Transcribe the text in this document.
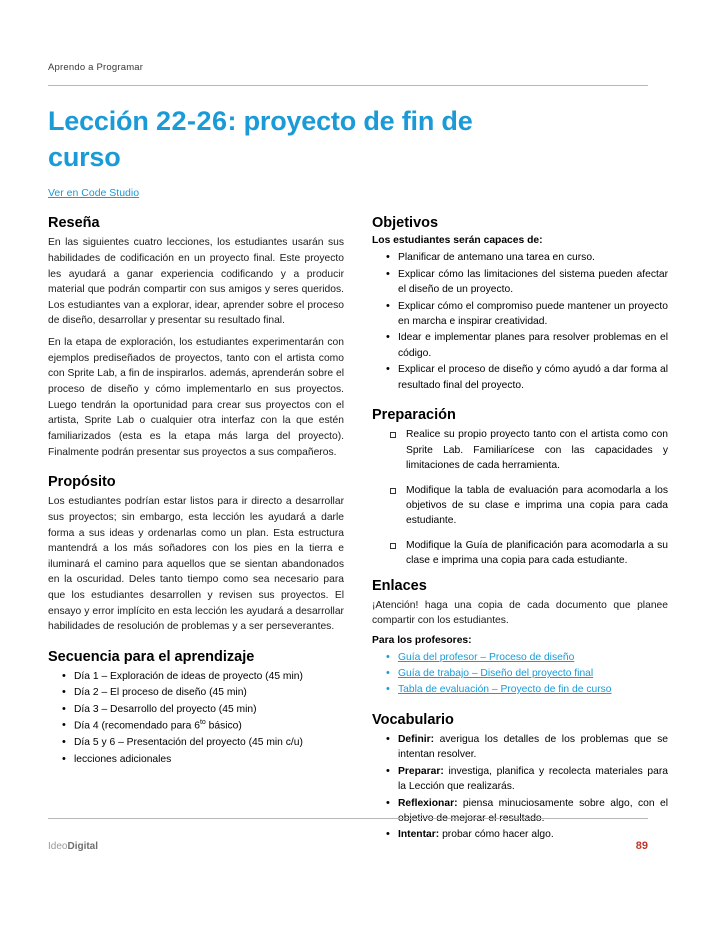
Aprendo a Programar
Lección 22-26: proyecto de fin de curso
Ver en Code Studio
Reseña

En las siguientes cuatro lecciones, los estudiantes usarán sus habilidades de codificación en un proyecto final. Este proyecto les ayudará a ganar experiencia codificando y a producir material que podrán compartir con sus amigos y seres queridos. Los estudiantes van a explorar, idear, aprender sobre el proceso de diseño, desarrollar y presentar su resultado final.

En la etapa de exploración, los estudiantes experimentarán con ejemplos prediseñados de proyectos, tanto con el artista como con Sprite Lab, a fin de inspirarlos. además, aprenderán sobre el proceso de diseño y cómo implementarlo en sus proyectos. Luego tendrán la oportunidad para crear sus proyectos con el artista, Sprite Lab o cualquier otra interfaz con la que estén familiarizados (esta es la etapa más larga del proyecto). Finalmente podrán presentar sus proyectos a sus compañeros.

Propósito

Los estudiantes podrían estar listos para ir directo a desarrollar sus proyectos; sin embargo, esta lección les ayudará a darle forma a sus ideas y ordenarlas como un plan. Esta estructura mantendrá a los más soñadores con los pies en la tierra e iluminará el camino para aquellos que se sientan abandonados en la oscuridad. Deles tanto tiempo como sea necesario para que los estudiantes desarrollen y revisen sus proyectos. El ensayo y error implícito en esta lección les ayudará a desarrollar habilidades de resolución de problemas y a ser perseverantes.

Secuencia para el aprendizaje
• Día 1 – Exploración de ideas de proyecto (45 min)
• Día 2 – El proceso de diseño (45 min)
• Día 3 – Desarrollo del proyecto (45 min)
• Día 4 (recomendado para $6^{to}$ básico)
• Día 5 y 6 – Presentación del proyecto (45 min c/u)
• lecciones adicionales
Objetivos
Los estudiantes serán capaces de:
• Planificar de antemano una tarea en curso.
• Explicar cómo las limitaciones del sistema pueden afectar el diseño de un proyecto.
• Explicar cómo el compromiso puede mantener un proyecto en marcha e inspirar creatividad.
• Idear e implementar planes para resolver problemas en el código.
• Explicar el proceso de diseño y cómo ayudó a dar forma al resultado final del proyecto.
Preparación
Realice su propio proyecto tanto con el artista como con Sprite Lab. Familiarícese con las capacidades y limitaciones de cada herramienta.
Modifique la tabla de evaluación para acomodarla a los objetivos de su clase e imprima una copia para cada estudiante.
Modifique la Guía de planificación para acomodarla a su clase e imprima una copia para cada estudiante.
Enlaces

¡Atención! haga una copia de cada documento que planee compartir con los estudiantes.

Para los profesores:
• Guía del profesor – Proceso de diseño
• Guía de trabajo – Diseño del proyecto final
• Tabla de evaluación – Proyecto de fin de curso
Vocabulario
• Definir: averigua los detalles de los problemas que se intentan resolver.
• Preparar: investiga, planifica y recolecta materiales para la Lección que realizarás.
• Reflexionar: piensa minuciosamente sobre algo, con el objetivo de mejorar el resultado.
• Intentar: probar cómo hacer algo.
IdeoDigital	89
